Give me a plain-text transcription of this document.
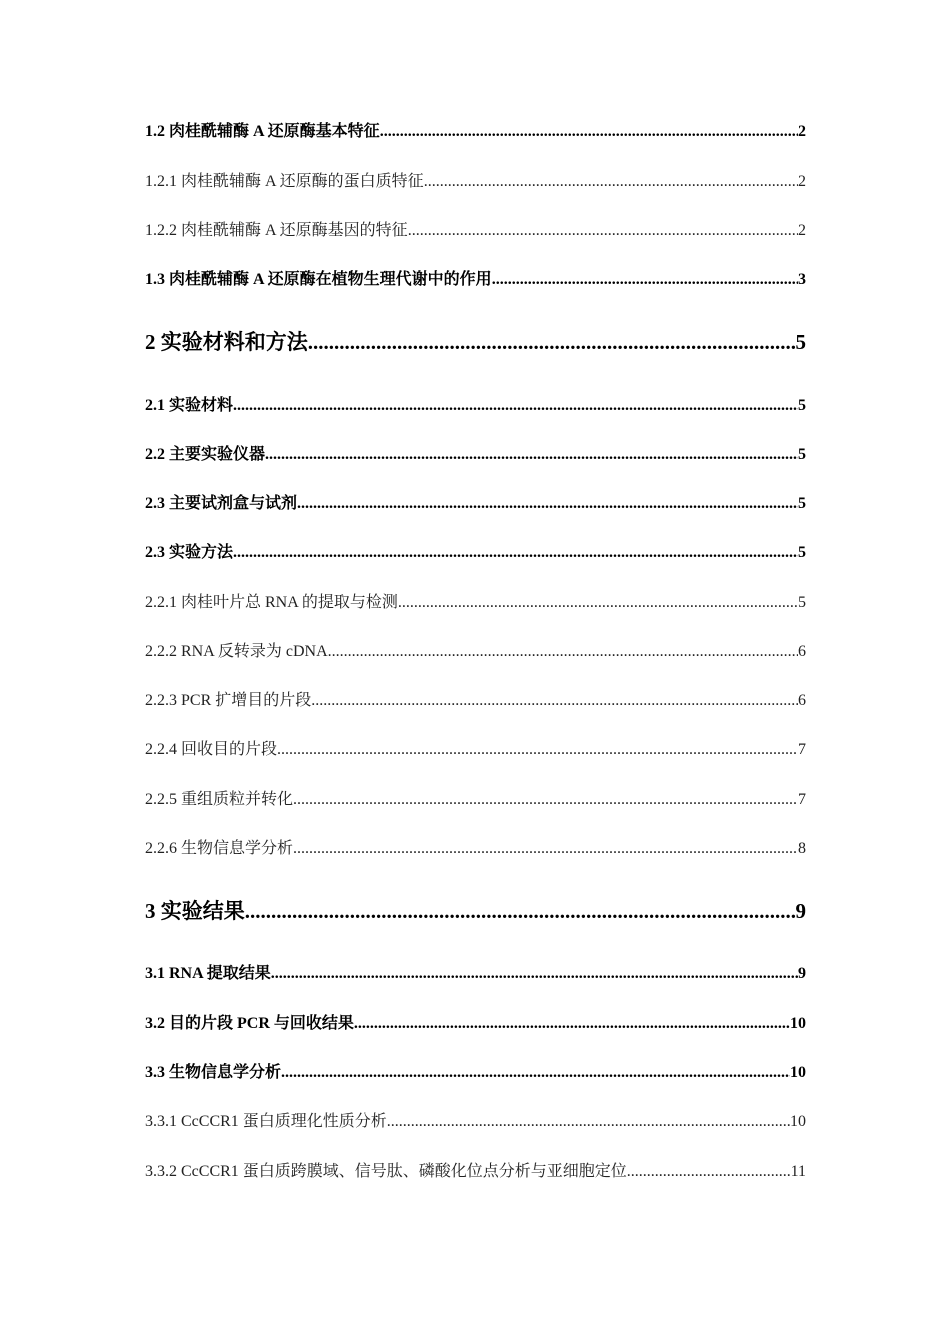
1.2 肉桂酰辅酶 A 还原酶基本特征 .....	2
1.2.1 肉桂酰辅酶 A 还原酶的蛋白质特征 .....	2
1.2.2 肉桂酰辅酶 A 还原酶基因的特征 .....	2
1.3 肉桂酰辅酶 A 还原酶在植物生理代谢中的作用 .....	3
2 实验材料和方法 .....	5
2.1 实验材料 .....	5
2.2 主要实验仪器 .....	5
2.3 主要试剂盒与试剂 .....	5
2.3 实验方法 .....	5
2.2.1 肉桂叶片总 RNA 的提取与检测 .....	5
2.2.2 RNA 反转录为 cDNA .....	6
2.2.3 PCR 扩增目的片段 .....	6
2.2.4 回收目的片段 .....	7
2.2.5 重组质粒并转化 .....	7
2.2.6 生物信息学分析 .....	8
3 实验结果 .....	9
3.1 RNA 提取结果 .....	9
3.2 目的片段 PCR 与回收结果 .....	10
3.3 生物信息学分析 .....	10
3.3.1 CcCCR1 蛋白质理化性质分析 .....	10
3.3.2 CcCCR1 蛋白质跨膜域、信号肽、磷酸化位点分析与亚细胞定位 .....	11
